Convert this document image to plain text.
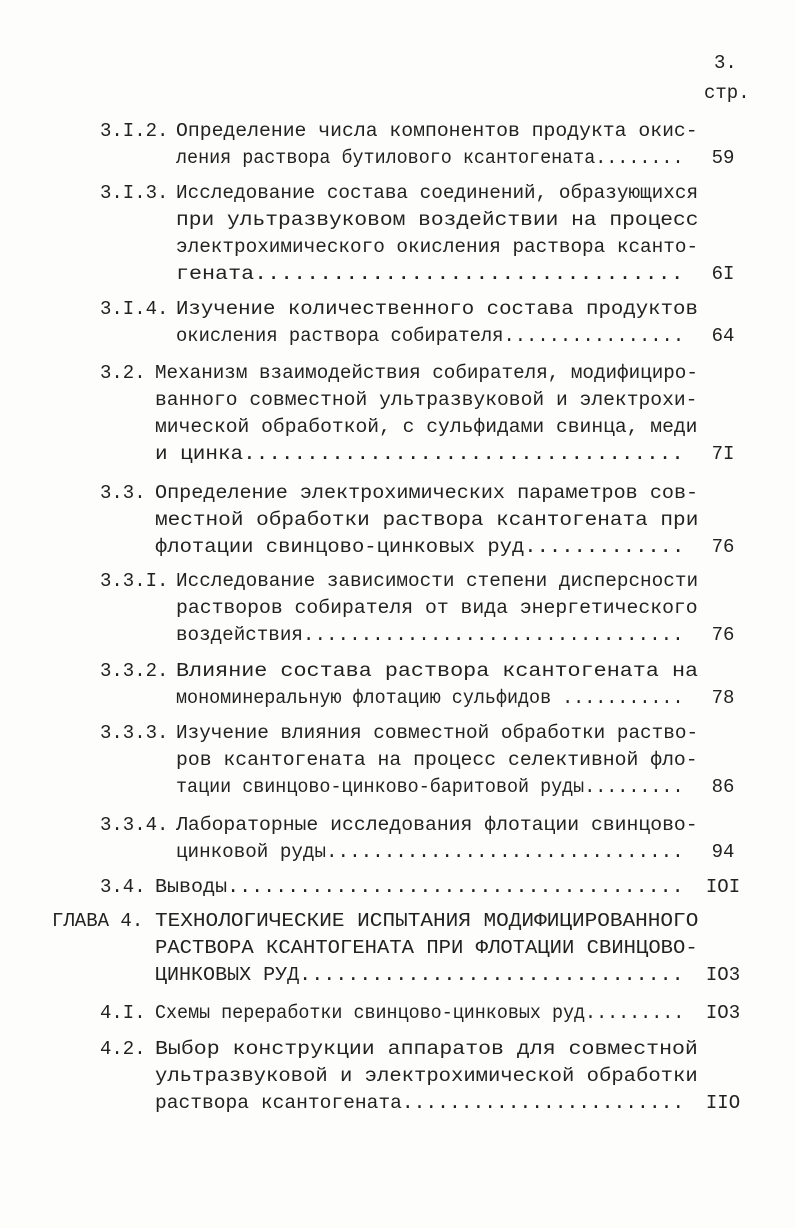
3.
стр.
3.I.2. Определение числа компонентов продукта окис-
ления раствора бутилового ксантогената........	59
3.I.3. Исследование состава соединений, образующихся
при ультразвуковом воздействии на процесс
электрохимического окисления раствора ксанто-
гената.................................	6I
3.I.4. Изучение количественного состава продуктов
окисления раствора собирателя................	64
3.2. Механизм взаимодействия собирателя, модифициро-
ванного совместной ультразвуковой и электрохи-
мической обработкой, с сульфидами свинца, меди
и цинка...................................	7I
3.3. Определение электрохимических параметров сов-
местной обработки раствора ксантогената при
флотации свинцово-цинковых руд.............	76
3.3.I. Исследование зависимости степени дисперсности
растворов собирателя от вида энергетического
воздействия.................................	76
3.3.2. Влияние состава раствора ксантогената на
мономинеральную флотацию сульфидов ...........	78
3.3.3. Изучение влияния совместной обработки раство-
ров ксантогената на процесс селективной фло-
тации свинцово-цинково-баритовой руды.........	86
3.3.4. Лабораторные исследования флотации свинцово-
цинковой руды...............................	94
3.4. Выводы......................................	IOI
ГЛАВА 4. ТЕХНОЛОГИЧЕСКИЕ ИСПЫТАНИЯ МОДИФИЦИРОВАННОГО
РАСТВОРА КСАНТОГЕНАТА ПРИ ФЛОТАЦИИ СВИНЦОВО-
ЦИНКОВЫХ РУД................................	IO3
4.I. Схемы переработки свинцово-цинковых руд.........	IO3
4.2. Выбор конструкции аппаратов для совместной
ультразвуковой и электрохимической обработки
раствора ксантогената........................	IIO
